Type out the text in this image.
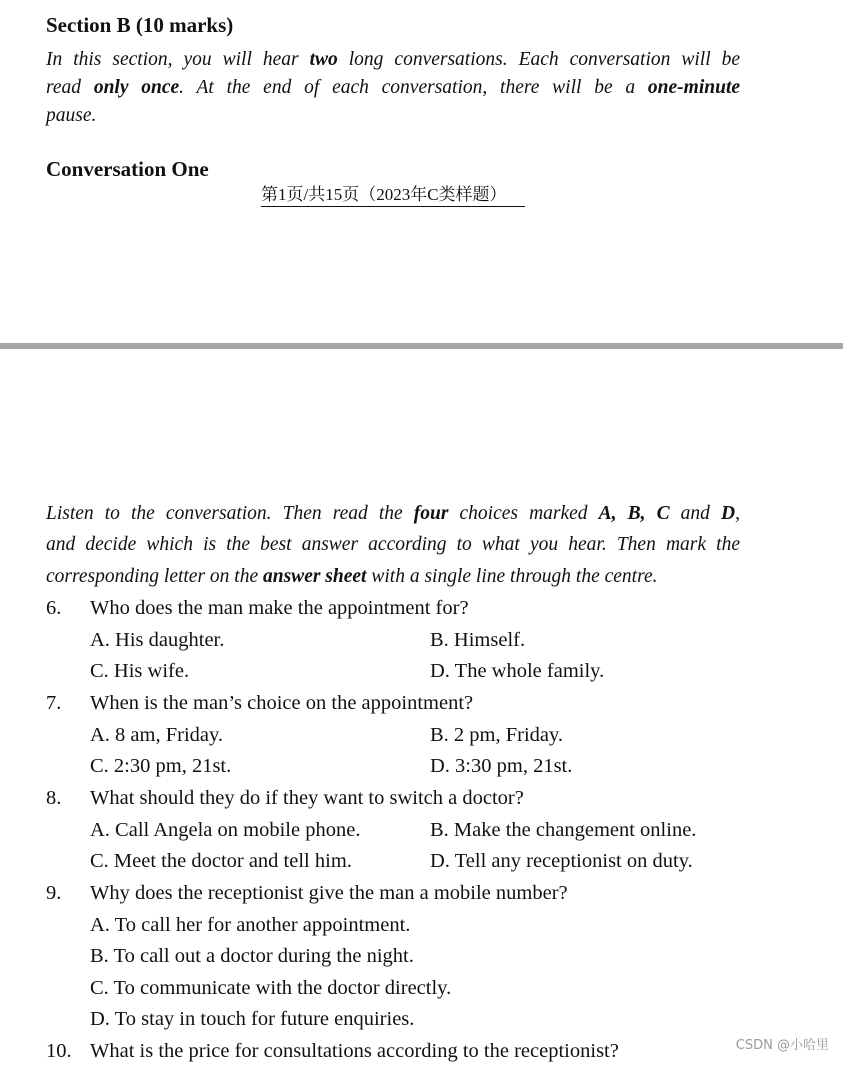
Section B (10 marks)
In this section, you will hear two long conversations. Each conversation will be
read only once. At the end of each conversation, there will be a one-minute
pause.
Conversation One
第1页/共15页（2023年C类样题）
Listen to the conversation. Then read the four choices marked A, B, C and D,
and decide which is the best answer according to what you hear. Then mark the
corresponding letter on the answer sheet with a single line through the centre.
6. Who does the man make the appointment for?
A. His daughter.	B. Himself.
C. His wife.	D. The whole family.
7. When is the man’s choice on the appointment?
A. 8 am, Friday.	B. 2 pm, Friday.
C. 2:30 pm, 21st.	D. 3:30 pm, 21st.
8. What should they do if they want to switch a doctor?
A. Call Angela on mobile phone.	B. Make the changement online.
C. Meet the doctor and tell him.	D. Tell any receptionist on duty.
9. Why does the receptionist give the man a mobile number?
A. To call her for another appointment.
B. To call out a doctor during the night.
C. To communicate with the doctor directly.
D. To stay in touch for future enquiries.
10. What is the price for consultations according to the receptionist?	CSDN @小哈里
